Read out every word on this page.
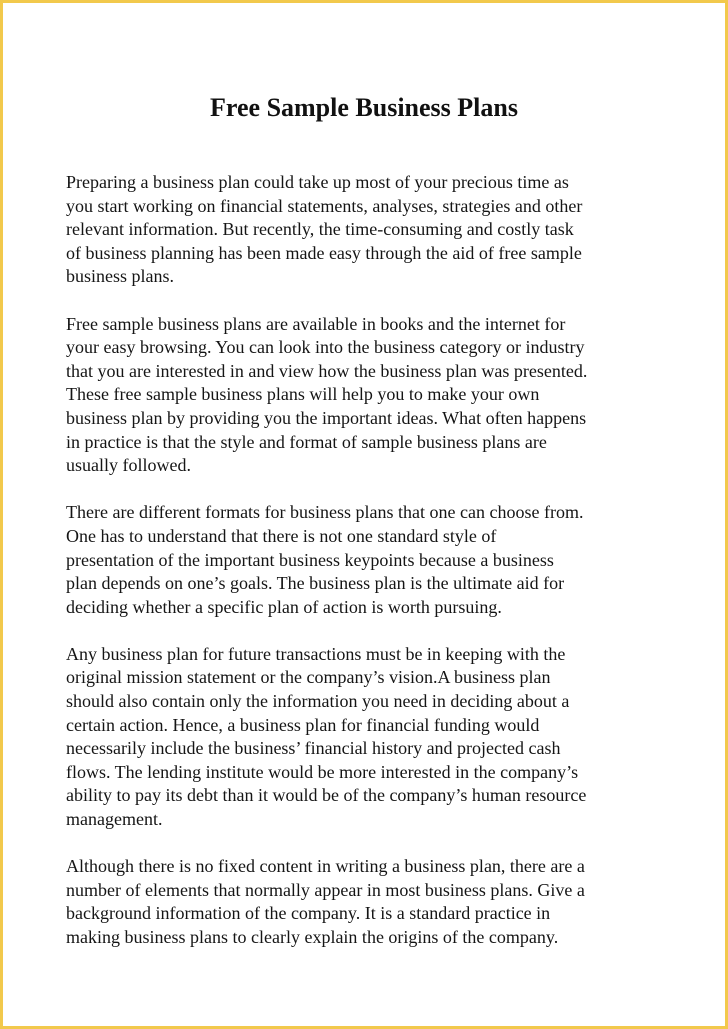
Free Sample Business Plans

Preparing a business plan could take up most of your precious time as
you start working on financial statements, analyses, strategies and other
relevant information. But recently, the time-consuming and costly task
of business planning has been made easy through the aid of free sample
business plans.

Free sample business plans are available in books and the internet for
your easy browsing. You can look into the business category or industry
that you are interested in and view how the business plan was presented.
These free sample business plans will help you to make your own
business plan by providing you the important ideas. What often happens
in practice is that the style and format of sample business plans are
usually followed.

There are different formats for business plans that one can choose from.
One has to understand that there is not one standard style of
presentation of the important business keypoints because a business
plan depends on one’s goals. The business plan is the ultimate aid for
deciding whether a specific plan of action is worth pursuing.

Any business plan for future transactions must be in keeping with the
original mission statement or the company’s vision.A business plan
should also contain only the information you need in deciding about a
certain action. Hence, a business plan for financial funding would
necessarily include the business’ financial history and projected cash
flows. The lending institute would be more interested in the company’s
ability to pay its debt than it would be of the company’s human resource
management.

Although there is no fixed content in writing a business plan, there are a
number of elements that normally appear in most business plans. Give a
background information of the company. It is a standard practice in
making business plans to clearly explain the origins of the company.
